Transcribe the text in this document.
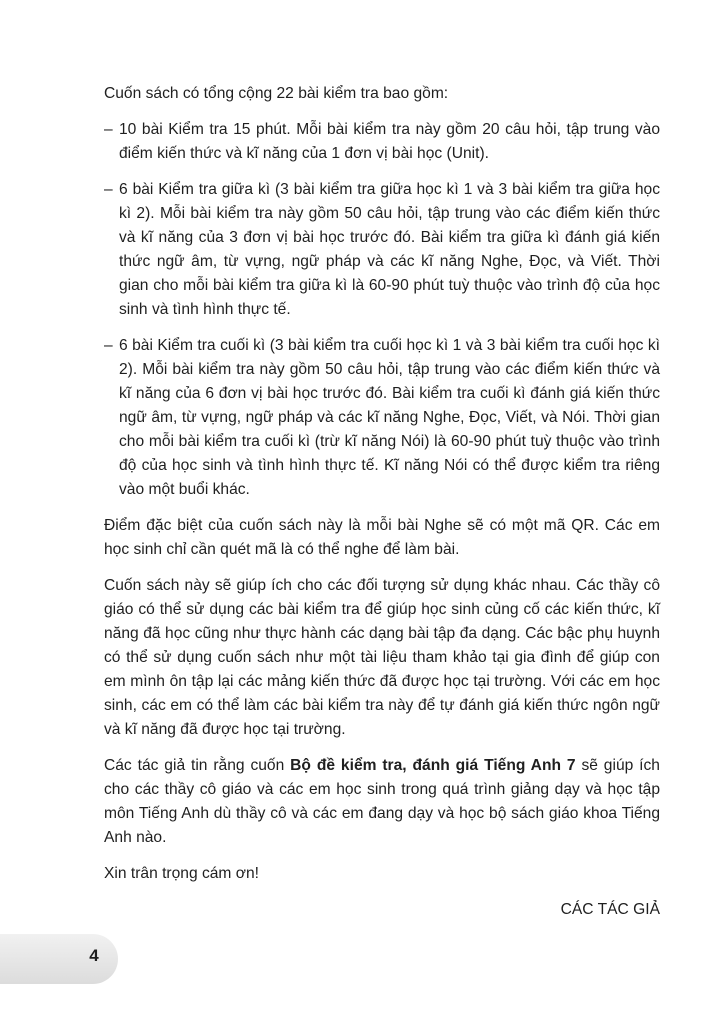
Cuốn sách có tổng cộng 22 bài kiểm tra bao gồm:

– 10 bài Kiểm tra 15 phút. Mỗi bài kiểm tra này gồm 20 câu hỏi, tập trung vào điểm kiến thức và kĩ năng của 1 đơn vị bài học (Unit).
– 6 bài Kiểm tra giữa kì (3 bài kiểm tra giữa học kì 1 và 3 bài kiểm tra giữa học kì 2). Mỗi bài kiểm tra này gồm 50 câu hỏi, tập trung vào các điểm kiến thức và kĩ năng của 3 đơn vị bài học trước đó. Bài kiểm tra giữa kì đánh giá kiến thức ngữ âm, từ vựng, ngữ pháp và các kĩ năng Nghe, Đọc, và Viết. Thời gian cho mỗi bài kiểm tra giữa kì là 60-90 phút tuỳ thuộc vào trình độ của học sinh và tình hình thực tế.
– 6 bài Kiểm tra cuối kì (3 bài kiểm tra cuối học kì 1 và 3 bài kiểm tra cuối học kì 2). Mỗi bài kiểm tra này gồm 50 câu hỏi, tập trung vào các điểm kiến thức và kĩ năng của 6 đơn vị bài học trước đó. Bài kiểm tra cuối kì đánh giá kiến thức ngữ âm, từ vựng, ngữ pháp và các kĩ năng Nghe, Đọc, Viết, và Nói. Thời gian cho mỗi bài kiểm tra cuối kì (trừ kĩ năng Nói) là 60-90 phút tuỳ thuộc vào trình độ của học sinh và tình hình thực tế. Kĩ năng Nói có thể được kiểm tra riêng vào một buổi khác.

Điểm đặc biệt của cuốn sách này là mỗi bài Nghe sẽ có một mã QR. Các em học sinh chỉ cần quét mã là có thể nghe để làm bài.

Cuốn sách này sẽ giúp ích cho các đối tượng sử dụng khác nhau. Các thầy cô giáo có thể sử dụng các bài kiểm tra để giúp học sinh củng cố các kiến thức, kĩ năng đã học cũng như thực hành các dạng bài tập đa dạng. Các bậc phụ huynh có thể sử dụng cuốn sách như một tài liệu tham khảo tại gia đình để giúp con em mình ôn tập lại các mảng kiến thức đã được học tại trường. Với các em học sinh, các em có thể làm các bài kiểm tra này để tự đánh giá kiến thức ngôn ngữ và kĩ năng đã được học tại trường.

Các tác giả tin rằng cuốn Bộ đề kiểm tra, đánh giá Tiếng Anh 7 sẽ giúp ích cho các thầy cô giáo và các em học sinh trong quá trình giảng dạy và học tập môn Tiếng Anh dù thầy cô và các em đang dạy và học bộ sách giáo khoa Tiếng Anh nào.

Xin trân trọng cám ơn!

CÁC TÁC GIẢ

4
